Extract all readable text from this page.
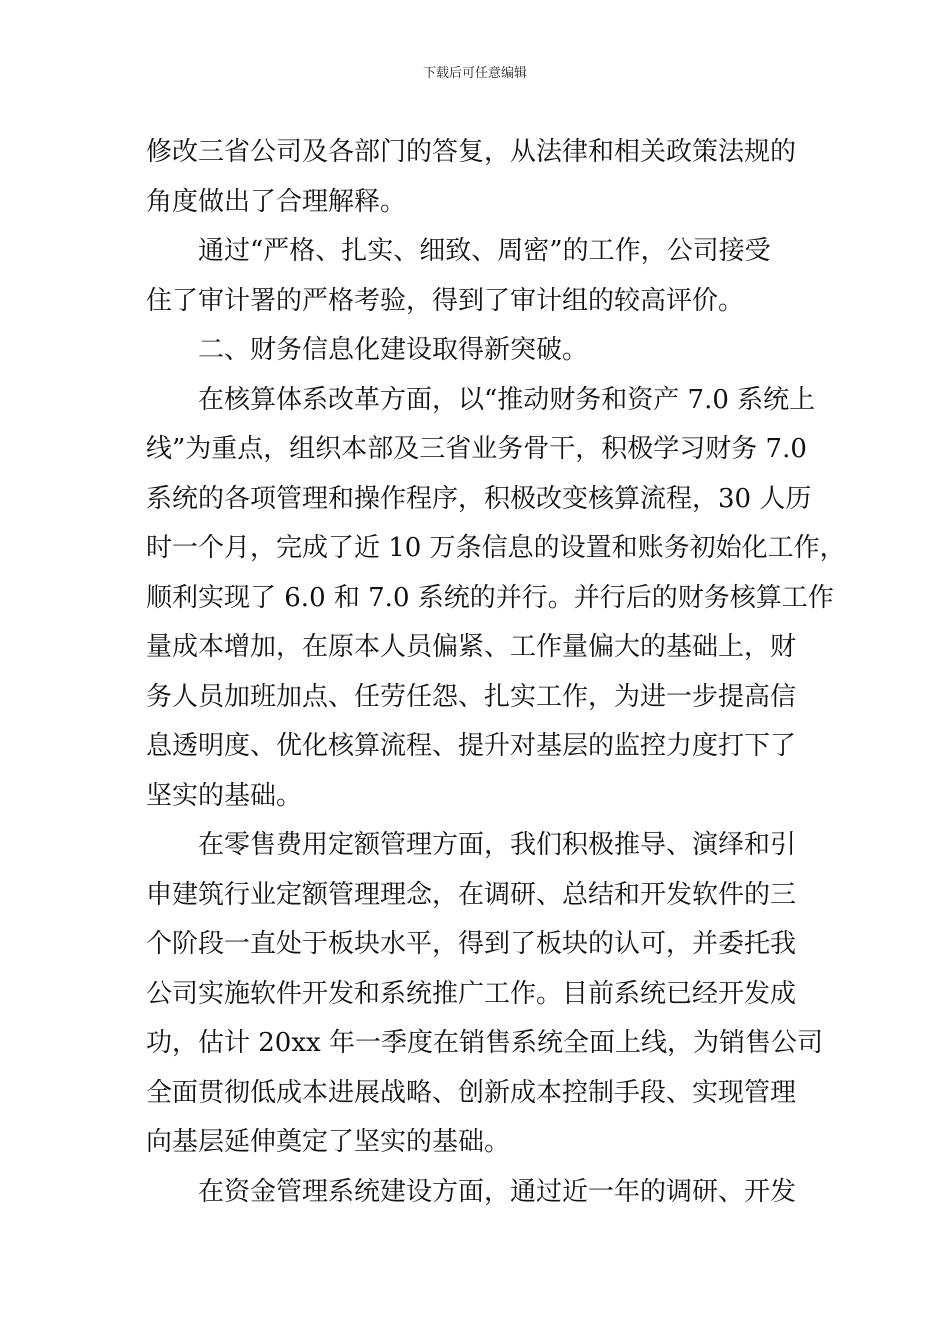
下载后可任意编辑
修改三省公司及各部门的答复，从法律和相关政策法规的
角度做出了合理解释。
通过“严格、扎实、细致、周密”的工作，公司接受
住了审计署的严格考验，得到了审计组的较高评价。
二、财务信息化建设取得新突破。
在核算体系改革方面，以“推动财务和资产 7.0 系统上
线”为重点，组织本部及三省业务骨干，积极学习财务 7.0
系统的各项管理和操作程序，积极改变核算流程，30 人历
时一个月，完成了近 10 万条信息的设置和账务初始化工作，
顺利实现了 6.0 和 7.0 系统的并行。并行后的财务核算工作
量成本增加，在原本人员偏紧、工作量偏大的基础上，财
务人员加班加点、任劳任怨、扎实工作，为进一步提高信
息透明度、优化核算流程、提升对基层的监控力度打下了
坚实的基础。
在零售费用定额管理方面，我们积极推导、演绎和引
申建筑行业定额管理理念，在调研、总结和开发软件的三
个阶段一直处于板块水平，得到了板块的认可，并委托我
公司实施软件开发和系统推广工作。目前系统已经开发成
功，估计 20xx 年一季度在销售系统全面上线，为销售公司
全面贯彻低成本进展战略、创新成本控制手段、实现管理
向基层延伸奠定了坚实的基础。
在资金管理系统建设方面，通过近一年的调研、开发
